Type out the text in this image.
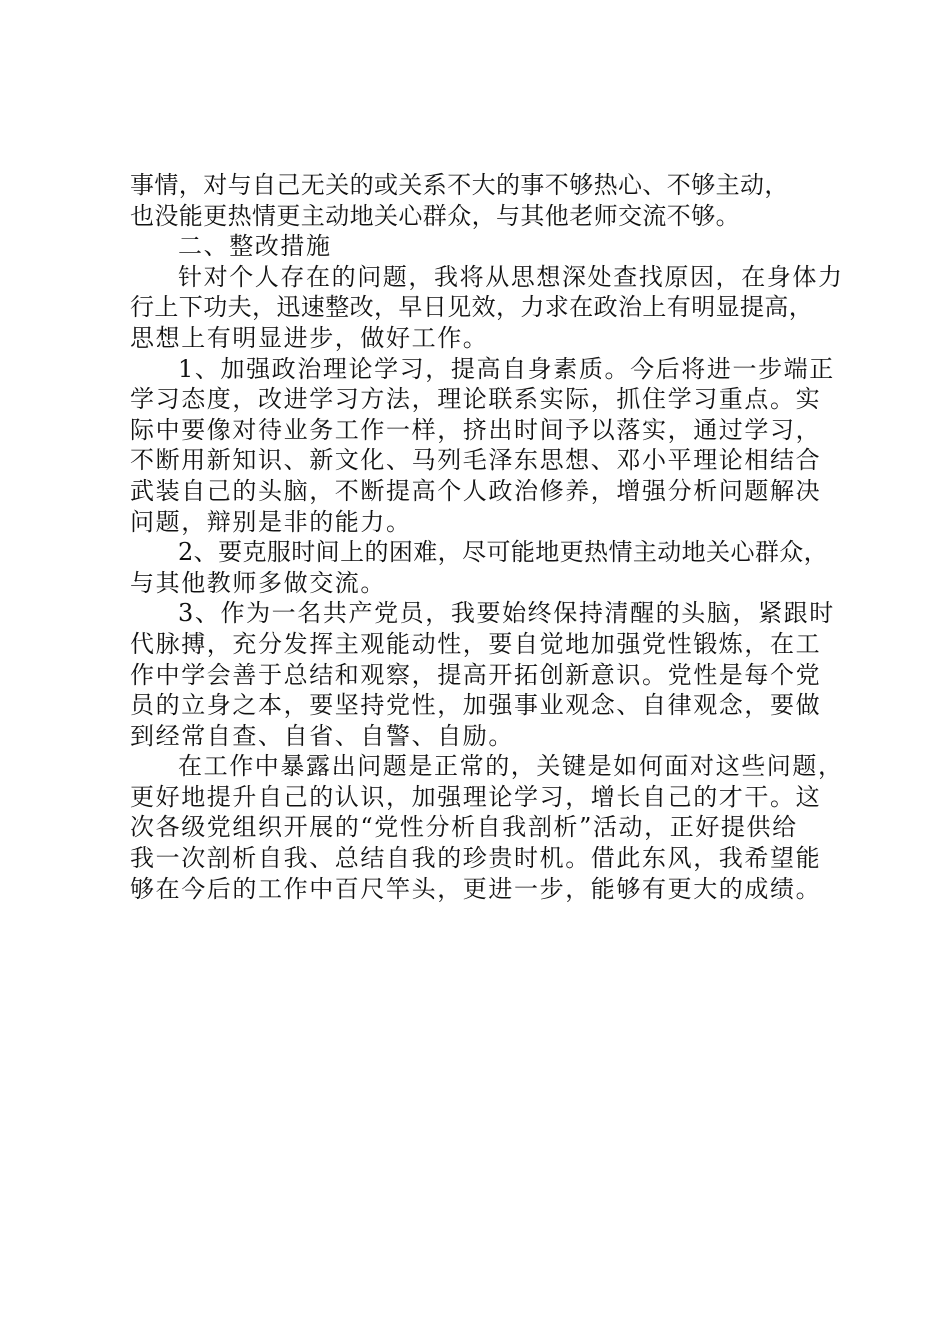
事情，对与自己无关的或关系不大的事不够热心、不够主动，
也没能更热情更主动地关心群众，与其他老师交流不够。
二、整改措施
针对个人存在的问题，我将从思想深处查找原因，在身体力
行上下功夫，迅速整改，早日见效，力求在政治上有明显提高，
思想上有明显进步，做好工作。
1、加强政治理论学习，提高自身素质。今后将进一步端正
学习态度，改进学习方法，理论联系实际，抓住学习重点。实
际中要像对待业务工作一样，挤出时间予以落实，通过学习，
不断用新知识、新文化、马列毛泽东思想、邓小平理论相结合
武装自己的头脑，不断提高个人政治修养，增强分析问题解决
问题，辩别是非的能力。
2、要克服时间上的困难，尽可能地更热情主动地关心群众，
与其他教师多做交流。
3、作为一名共产党员，我要始终保持清醒的头脑，紧跟时
代脉搏，充分发挥主观能动性，要自觉地加强党性锻炼，在工
作中学会善于总结和观察，提高开拓创新意识。党性是每个党
员的立身之本，要坚持党性，加强事业观念、自律观念，要做
到经常自查、自省、自警、自励。
在工作中暴露出问题是正常的，关键是如何面对这些问题，
更好地提升自己的认识，加强理论学习，增长自己的才干。这
次各级党组织开展的“党性分析自我剖析”活动，正好提供给
我一次剖析自我、总结自我的珍贵时机。借此东风，我希望能
够在今后的工作中百尺竿头，更进一步，能够有更大的成绩。
